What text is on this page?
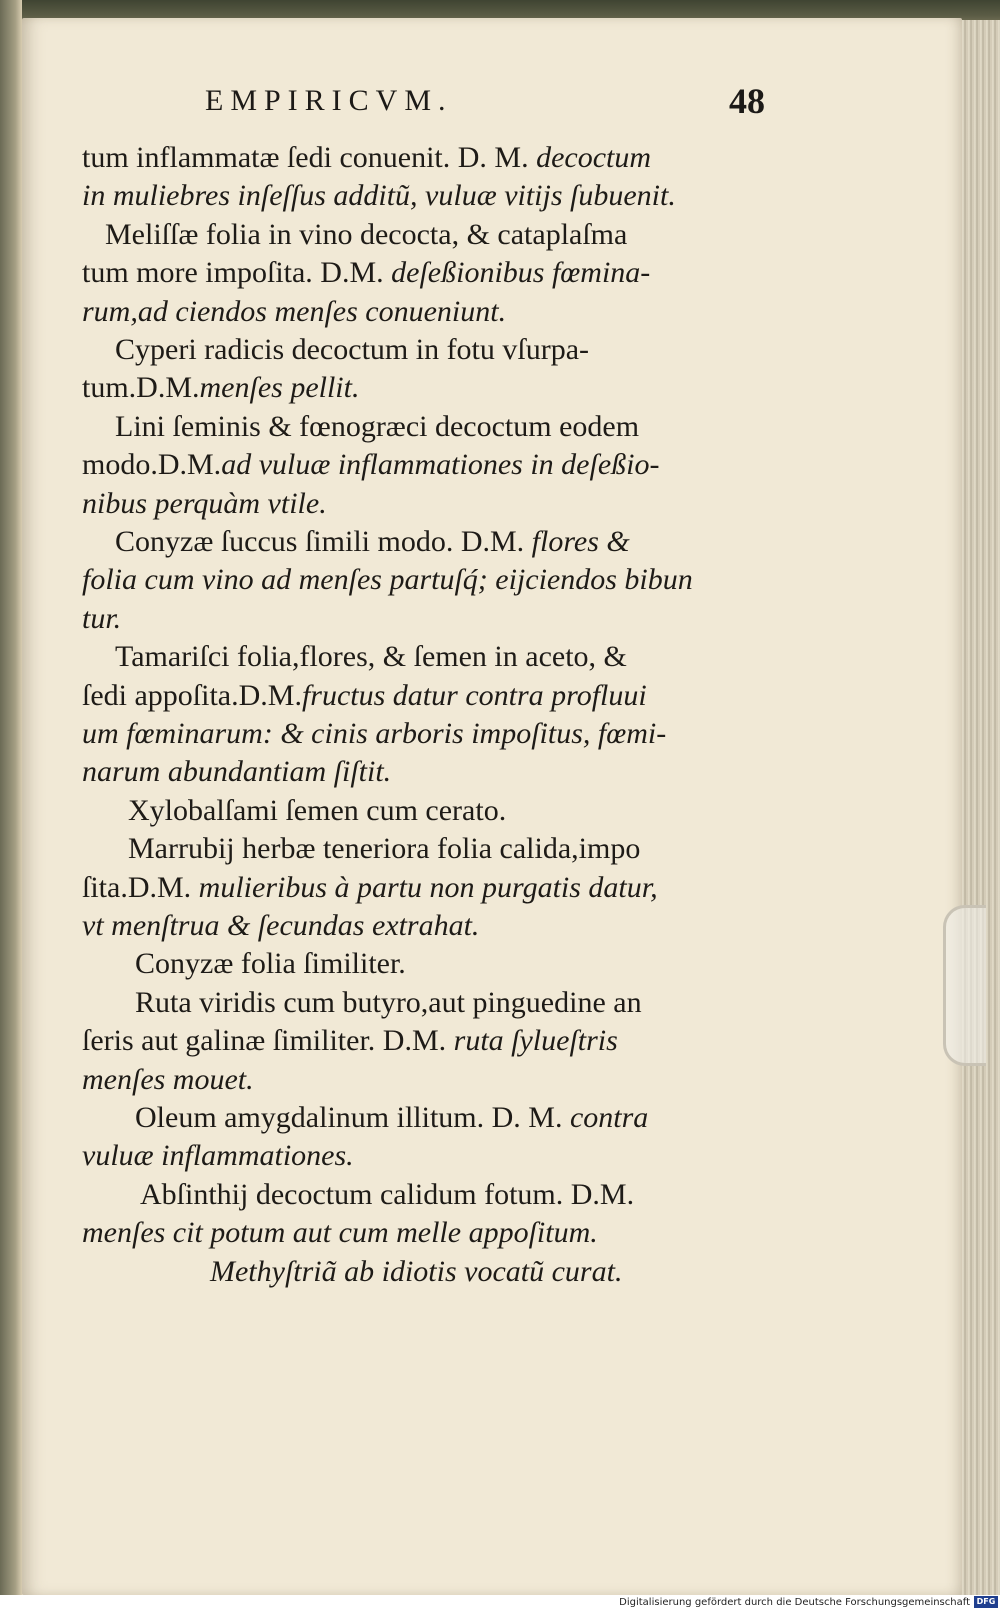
EMPIRICVM.	48
tum inflammatæ ſedi conuenit. D. M. decoctum
in muliebres inſeſſus additũ, vuluæ vitijs ſubuenit.
Meliſſæ folia in vino decocta, & cataplaſma
tum more impoſita. D.M. deſeßionibus fœmina-
rum,ad ciendos menſes conueniunt.
Cyperi radicis decoctum in fotu vſurpa-
tum.D.M.menſes pellit.
Lini ſeminis & fœnogræci decoctum eodem
modo.D.M.ad vuluæ inflammationes in deſeßio-
nibus perquàm vtile.
Conyzæ ſuccus ſimili modo. D.M. flores &
folia cum vino ad menſes partuſq́; eijciendos bibun
tur.
Tamariſci folia,flores, & ſemen in aceto, &
ſedi appoſita.D.M.fructus datur contra profluui
um fœminarum: & cinis arboris impoſitus, fœmi-
narum abundantiam ſiſtit.
Xylobalſami ſemen cum cerato.
Marrubij herbæ teneriora folia calida,impo
ſita.D.M. mulieribus à partu non purgatis datur,
vt menſtrua & ſecundas extrahat.
Conyzæ folia ſimiliter.
Ruta viridis cum butyro,aut pinguedine an
ſeris aut galinæ ſimiliter. D.M. ruta ſylueſtris
menſes mouet.
Oleum amygdalinum illitum. D. M. contra
vuluæ inflammationes.
Abſinthij decoctum calidum fotum. D.M.
menſes cit potum aut cum melle appoſitum.
Methyſtriã ab idiotis vocatũ curat.
Digitalisierung gefördert durch die Deutsche Forschungsgemeinschaft DFG
